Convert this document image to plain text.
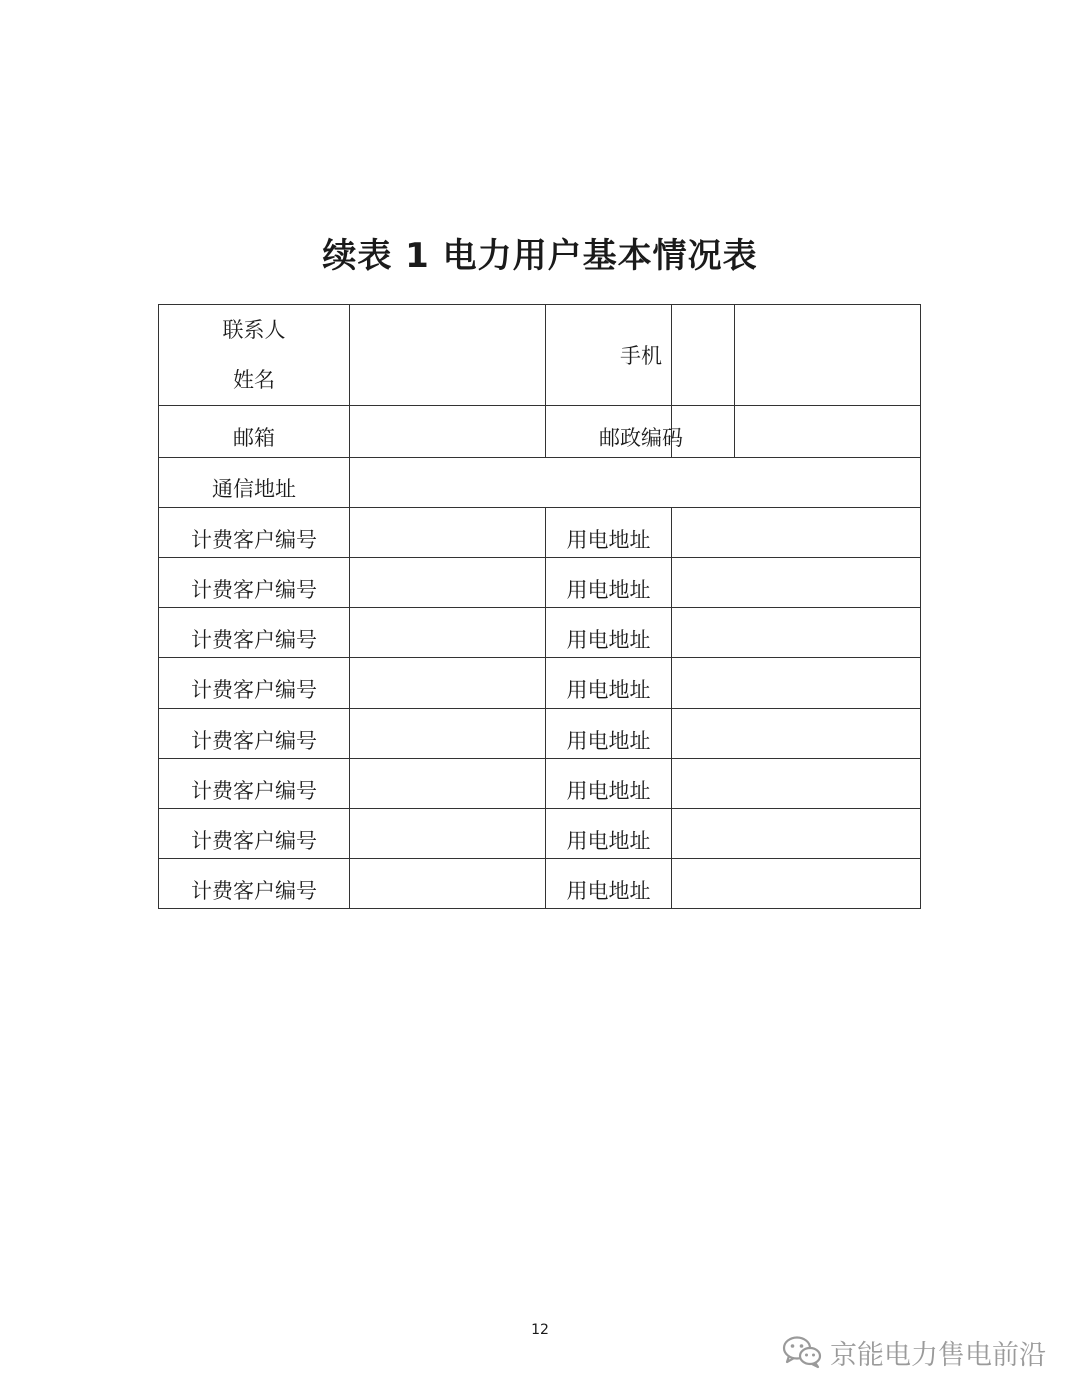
续表 1 电力用户基本情况表
联系人
姓名		手机	

邮箱		邮政编码	

通信地址			
计费客户编号		用电地址	
计费客户编号		用电地址	
计费客户编号		用电地址	
计费客户编号		用电地址	
计费客户编号		用电地址	
计费客户编号		用电地址	
计费客户编号		用电地址	
计费客户编号		用电地址	
12
京能电力售电前沿
